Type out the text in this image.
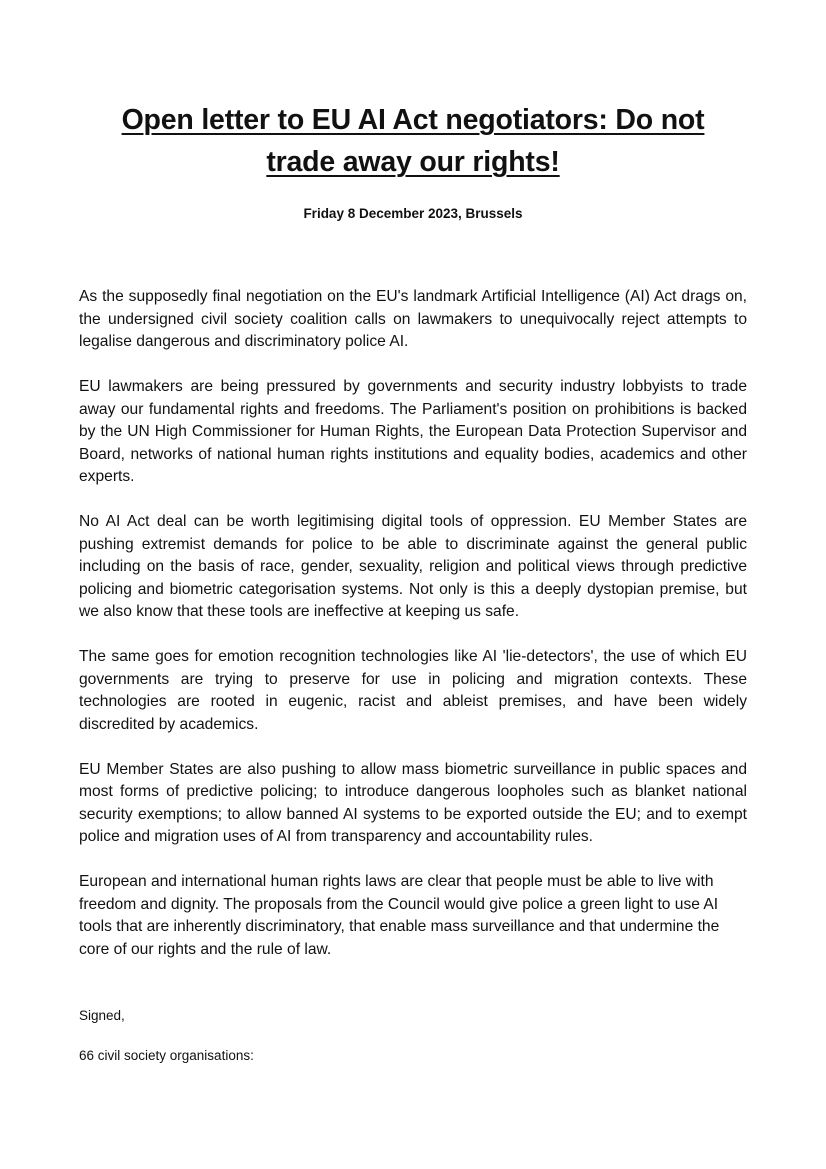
Open letter to EU AI Act negotiators: Do not
trade away our rights!
Friday 8 December 2023, Brussels

As the supposedly final negotiation on the EU's landmark Artificial Intelligence (AI) Act drags on, the undersigned civil society coalition calls on lawmakers to unequivocally reject attempts to legalise dangerous and discriminatory police AI.

EU lawmakers are being pressured by governments and security industry lobbyists to trade away our fundamental rights and freedoms. The Parliament's position on prohibitions is backed by the UN High Commissioner for Human Rights, the European Data Protection Supervisor and Board, networks of national human rights institutions and equality bodies, academics and other experts.

No AI Act deal can be worth legitimising digital tools of oppression. EU Member States are pushing extremist demands for police to be able to discriminate against the general public including on the basis of race, gender, sexuality, religion and political views through predictive policing and biometric categorisation systems. Not only is this a deeply dystopian premise, but we also know that these tools are ineffective at keeping us safe.

The same goes for emotion recognition technologies like AI 'lie-detectors', the use of which EU governments are trying to preserve for use in policing and migration contexts. These technologies are rooted in eugenic, racist and ableist premises, and have been widely discredited by academics.

EU Member States are also pushing to allow mass biometric surveillance in public spaces and most forms of predictive policing; to introduce dangerous loopholes such as blanket national security exemptions; to allow banned AI systems to be exported outside the EU; and to exempt police and migration uses of AI from transparency and accountability rules.

European and international human rights laws are clear that people must be able to live with freedom and dignity. The proposals from the Council would give police a green light to use AI tools that are inherently discriminatory, that enable mass surveillance and that undermine the core of our rights and the rule of law.

Signed,
66 civil society organisations:
